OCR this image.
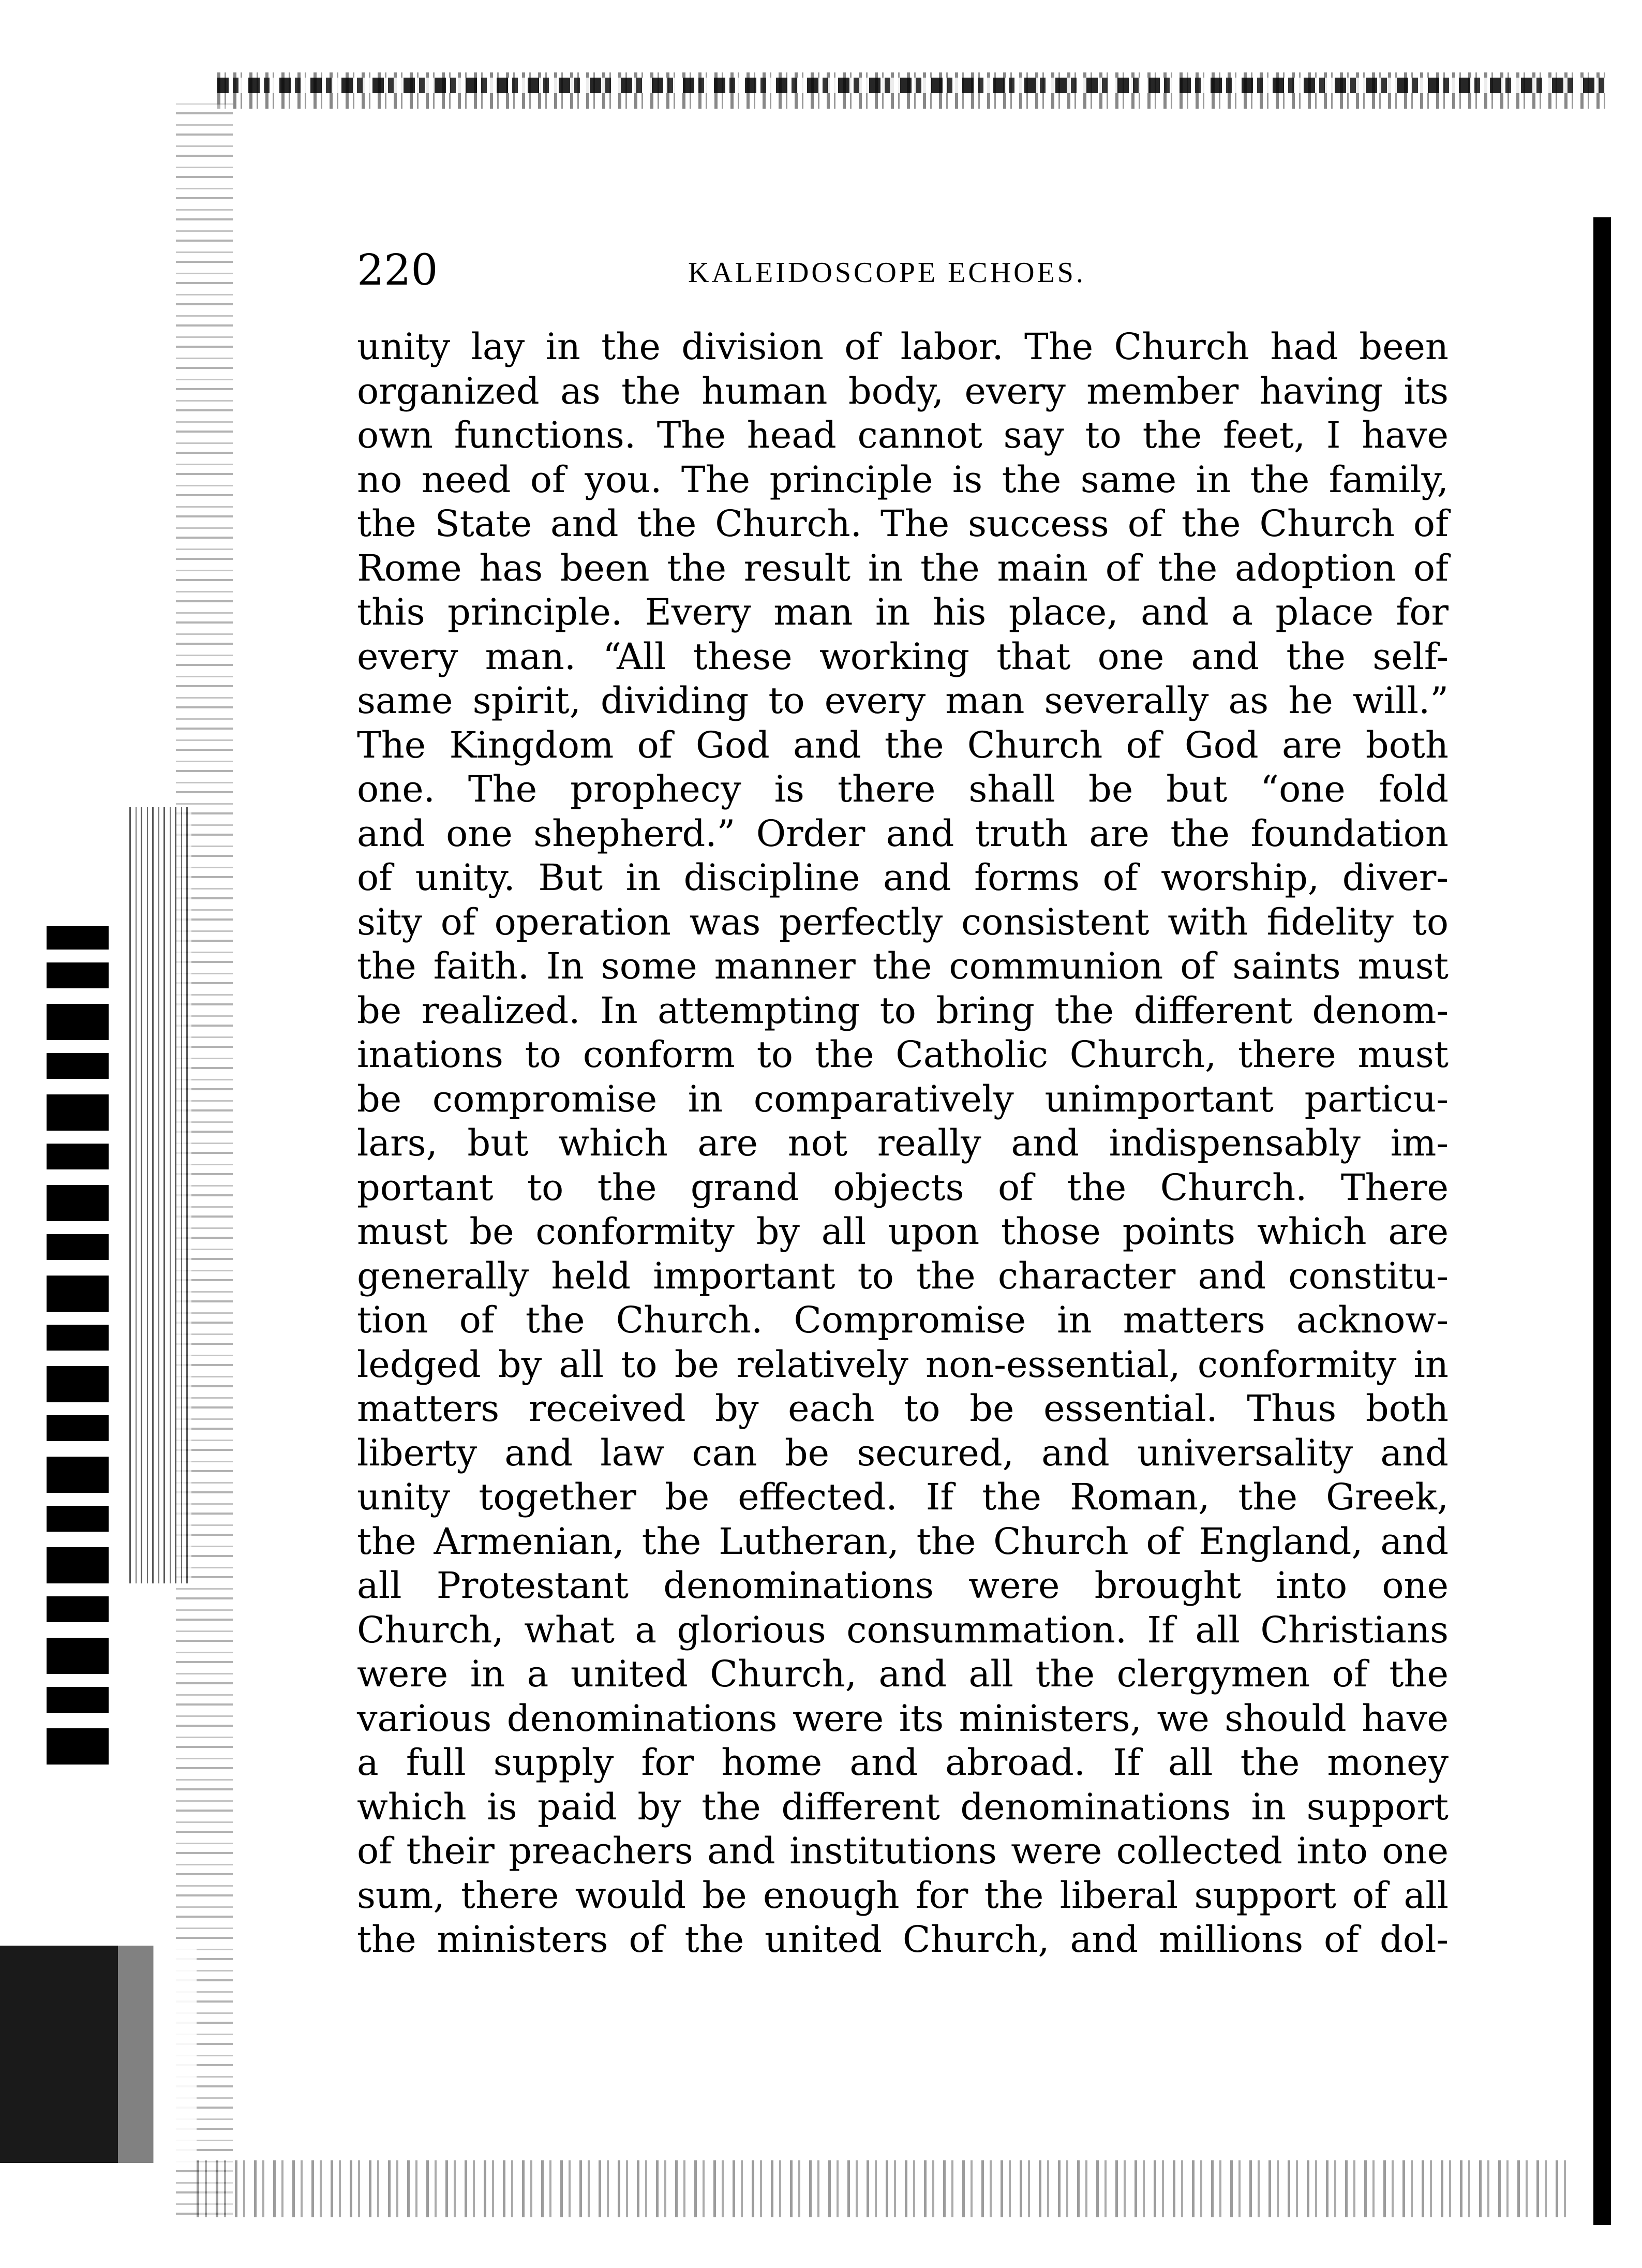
220	KALEIDOSCOPE ECHOES.
unity lay in the division of labor. The Church had been
organized as the human body, every member having its
own functions. The head cannot say to the feet, I have
no need of you. The principle is the same in the family,
the State and the Church. The success of the Church of
Rome has been the result in the main of the adoption of
this principle. Every man in his place, and a place for
every man. “All these working that one and the self-
same spirit, dividing to every man severally as he will.”
The Kingdom of God and the Church of God are both
one. The prophecy is there shall be but “one fold
and one shepherd.” Order and truth are the foundation
of unity. But in discipline and forms of worship, diver-
sity of operation was perfectly consistent with fidelity to
the faith. In some manner the communion of saints must
be realized. In attempting to bring the different denom-
inations to conform to the Catholic Church, there must
be compromise in comparatively unimportant particu-
lars, but which are not really and indispensably im-
portant to the grand objects of the Church. There
must be conformity by all upon those points which are
generally held important to the character and constitu-
tion of the Church. Compromise in matters acknow-
ledged by all to be relatively non-essential, conformity in
matters received by each to be essential. Thus both
liberty and law can be secured, and universality and
unity together be effected. If the Roman, the Greek,
the Armenian, the Lutheran, the Church of England, and
all Protestant denominations were brought into one
Church, what a glorious consummation. If all Christians
were in a united Church, and all the clergymen of the
various denominations were its ministers, we should have
a full supply for home and abroad. If all the money
which is paid by the different denominations in support
of their preachers and institutions were collected into one
sum, there would be enough for the liberal support of all
the ministers of the united Church, and millions of dol-
